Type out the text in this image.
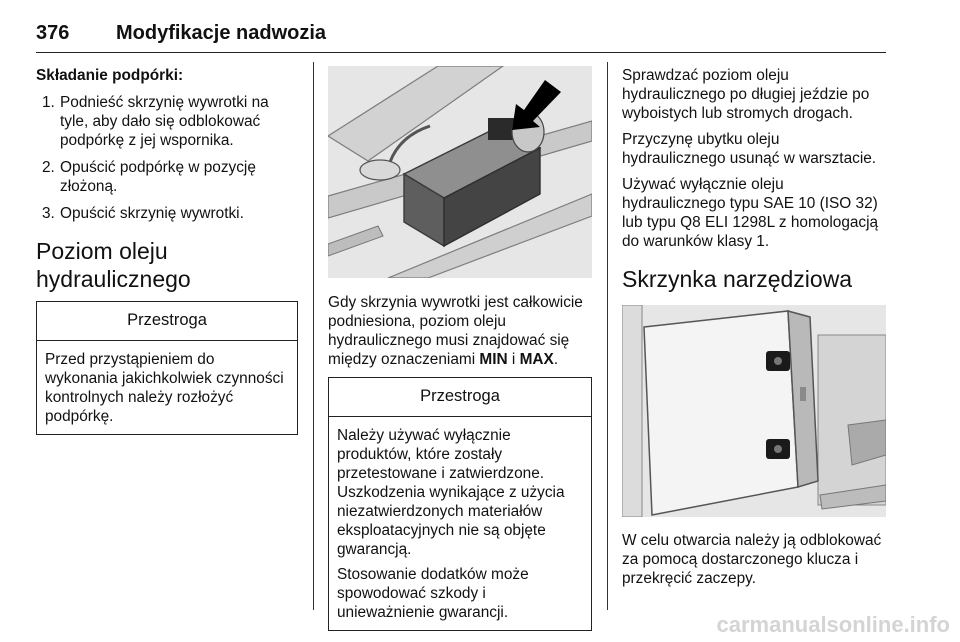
376 Modyfikacje nadwozia
Składanie podpórki:
1. Podnieść skrzynię wywrotki na tyle, aby dało się odblokować podpórkę z jej wspornika.
2. Opuścić podpórkę w pozycję złożoną.
3. Opuścić skrzynię wywrotki.
Poziom oleju
hydraulicznego
Przestroga

Przed przystąpieniem do wykonania jakichkolwiek czynności kontrolnych należy rozłożyć podpórkę.

Gdy skrzynia wywrotki jest całkowicie podniesiona, poziom oleju hydraulicznego musi znajdować się między oznaczeniami MIN i MAX.

Przestroga

Należy używać wyłącznie produktów, które zostały przetestowane i zatwierdzone. Uszkodzenia wynikające z użycia niezatwierdzonych materiałów eksploatacyjnych nie są objęte gwarancją.

Stosowanie dodatków może spowodować szkody i unieważnienie gwarancji.

Sprawdzać poziom oleju hydraulicznego po długiej jeździe po wyboistych lub stromych drogach.

Przyczynę ubytku oleju hydraulicznego usunąć w warsztacie.

Używać wyłącznie oleju hydraulicznego typu SAE 10 (ISO 32) lub typu Q8 ELI 1298L z homologacją do warunków klasy 1.

Skrzynka narzędziowa

W celu otwarcia należy ją odblokować za pomocą dostarczonego klucza i przekręcić zaczepy.

carmanualsonline.info
